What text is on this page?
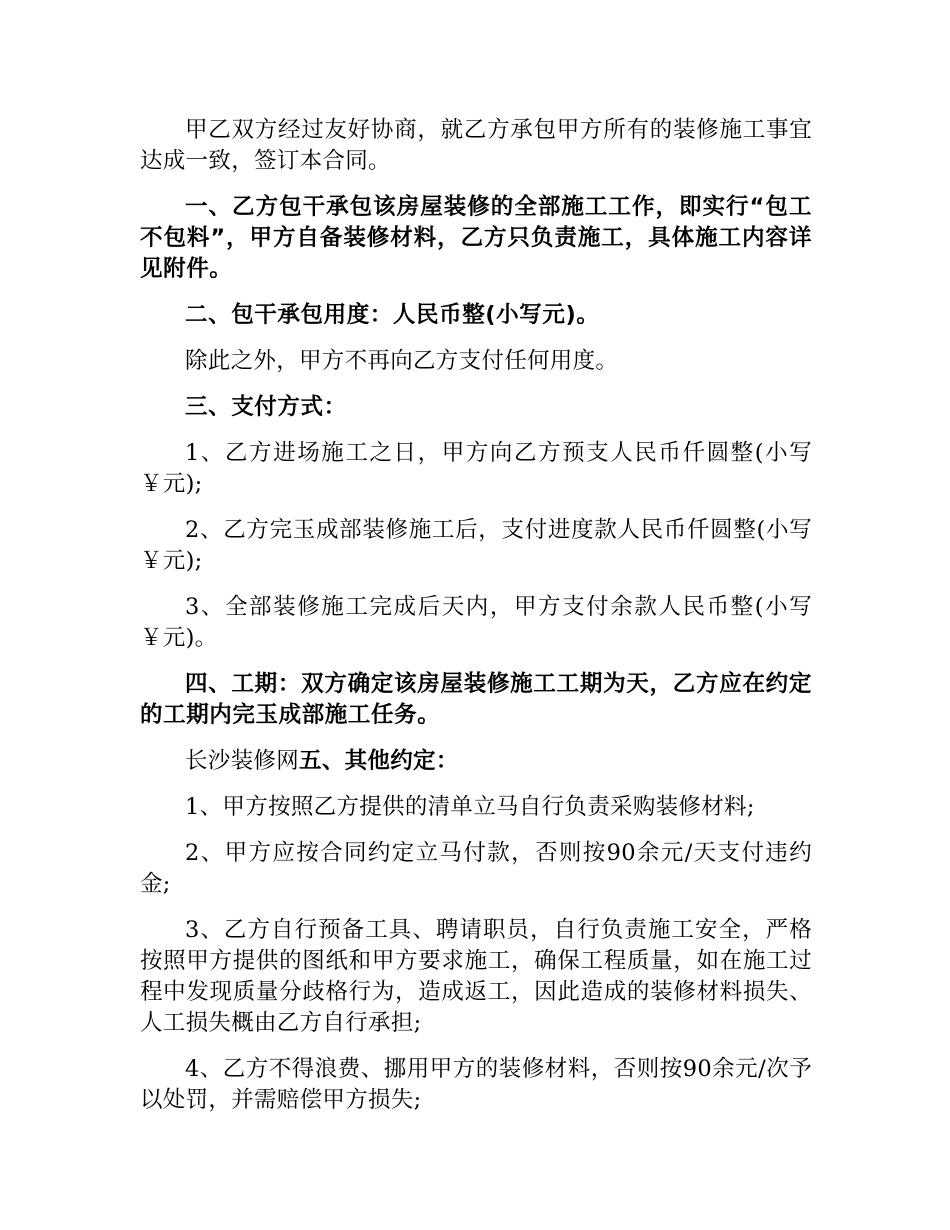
甲乙双方经过友好协商，就乙方承包甲方所有的装修施工事宜达成一致，签订本合同。

一、乙方包干承包该房屋装修的全部施工工作，即实行“包工不包料”，甲方自备装修材料，乙方只负责施工，具体施工内容详见附件。

二、包干承包用度：人民币整(小写元)。

除此之外，甲方不再向乙方支付任何用度。

三、支付方式：

1、乙方进场施工之日，甲方向乙方预支人民币仟圆整(小写￥元);

2、乙方完玉成部装修施工后，支付进度款人民币仟圆整(小写￥元);

3、全部装修施工完成后天内，甲方支付余款人民币整(小写￥元)。

四、工期：双方确定该房屋装修施工工期为天，乙方应在约定的工期内完玉成部施工任务。

长沙装修网五、其他约定：

1、甲方按照乙方提供的清单立马自行负责采购装修材料;

2、甲方应按合同约定立马付款，否则按90余元/天支付违约金;

3、乙方自行预备工具、聘请职员，自行负责施工安全，严格按照甲方提供的图纸和甲方要求施工，确保工程质量，如在施工过程中发现质量分歧格行为，造成返工，因此造成的装修材料损失、人工损失概由乙方自行承担;

4、乙方不得浪费、挪用甲方的装修材料，否则按90余元/次予以处罚，并需赔偿甲方损失;
